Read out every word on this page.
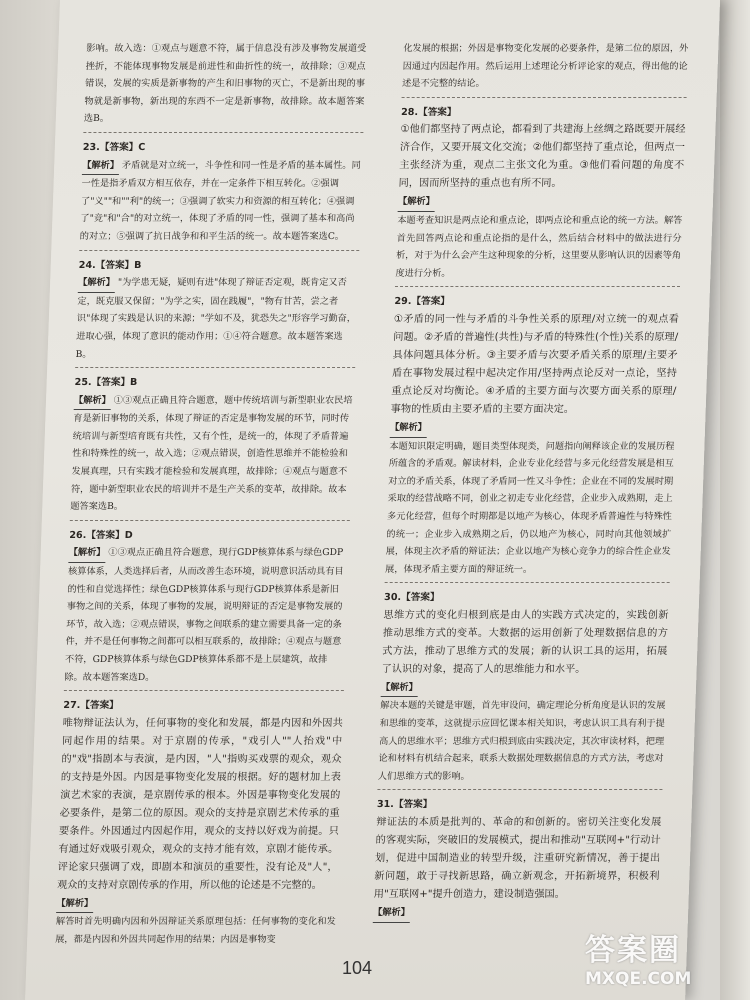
影响。故入选：①观点与题意不符，属于信息没有涉及事物发展道受挫折，不能体现事物发展是前进性和曲折性的统一，故排除；③观点错误，发展的实质是新事物的产生和旧事物的灭亡，不是新出现的事物就是新事物，新出现的东西不一定是新事物，故排除。故本题答案选B。

23.【答案】C
【解析】 矛盾就是对立统一，斗争性和同一性是矛盾的基本属性。同一性是指矛盾双方相互依存，并在一定条件下相互转化。②强调了"义""和""利"的统一；③强调了软实力和资源的相互转化；④强调了"竞"和"合"的对立统一，体现了矛盾的同一性，强调了基本和高尚的对立；⑤强调了抗日战争和和平生活的统一。故本题答案选C。
24.【答案】B
【解析】 "为学患无疑，疑则有进"体现了辩证否定观，既肯定又否定，既克服又保留；"为学之实，固在践履"，"物有甘苦，尝之者识"体现了实践是认识的来源；"学如不及，犹恐失之"形容学习勤奋，进取心强，体现了意识的能动作用；①④符合题意。故本题答案选B。
25.【答案】B
【解析】 ①③观点正确且符合题意，题中传统培训与新型职业农民培育是新旧事物的关系，体现了辩证的否定是事物发展的环节，同时传统培训与新型培育既有共性，又有个性，是统一的，体现了矛盾普遍性和特殊性的统一，故入选；②观点错误，创造性思维并不能检验和发展真理，只有实践才能检验和发展真理，故排除；④观点与题意不符，题中新型职业农民的培训并不是生产关系的变革，故排除。故本题答案选B。
26.【答案】D
【解析】 ①③观点正确且符合题意，现行GDP核算体系与绿色GDP核算体系，人类选择后者，从而改善生态环境，说明意识活动具有目的性和自觉选择性；绿色GDP核算体系与现行GDP核算体系是新旧事物之间的关系，体现了事物的发展，说明辩证的否定是事物发展的环节，故入选；②观点错误，事物之间联系的建立需要具备一定的条件，并不是任何事物之间都可以相互联系的，故排除；④观点与题意不符，GDP核算体系与绿色GDP核算体系都不是上层建筑，故排除。故本题答案选D。
27.【答案】

唯物辩证法认为，任何事物的变化和发展，都是内因和外因共同起作用的结果。对于京剧的传承，"戏引人""人抬戏"中的"戏"指剧本与表演，是内因，"人"指购买戏票的观众，观众的支持是外因。内因是事物变化发展的根据。好的题材加上表演艺术家的表演，是京剧传承的根本。外因是事物变化发展的必要条件，是第二位的原因。观众的支持是京剧艺术传承的重要条件。外因通过内因起作用，观众的支持以好戏为前提。只有通过好戏吸引观众，观众的支持才能有效，京剧才能传承。评论家只强调了戏，即剧本和演员的重要性，没有论及"人"，观众的支持对京剧传承的作用，所以他的论述是不完整的。

【解析】

解答时首先明确内因和外因辩证关系原理包括：任何事物的变化和发展，都是内因和外因共同起作用的结果；内因是事物变

化发展的根据；外因是事物变化发展的必要条件，是第二位的原因，外因通过内因起作用。然后运用上述理论分析评论家的观点，得出他的论述是不完整的结论。

28.【答案】

①他们都坚持了两点论，都看到了共建海上丝绸之路既要开展经济合作，又要开展文化交流；②他们都坚持了重点论，但两点一主张经济为重，观点二主张文化为重。③他们看问题的角度不同，因而所坚持的重点也有所不同。

【解析】

本题考查知识是两点论和重点论，即两点论和重点论的统一方法。解答首先回答两点论和重点论指的是什么，然后结合材料中的做法进行分析，对于为什么会产生这种现象的分析，这里要从影响认识的因素等角度进行分析。

29.【答案】

①矛盾的同一性与矛盾的斗争性关系的原理/对立统一的观点看问题。②矛盾的普遍性(共性)与矛盾的特殊性(个性)关系的原理/具体问题具体分析。③主要矛盾与次要矛盾关系的原理/主要矛盾在事物发展过程中起决定作用/坚持两点论反对一点论，坚持重点论反对均衡论。④矛盾的主要方面与次要方面关系的原理/事物的性质由主要矛盾的主要方面决定。

【解析】

本题知识限定明确，题目类型体现类，问题指向阐释该企业的发展历程所蕴含的矛盾观。解读材料，企业专业化经营与多元化经营发展是相互对立的矛盾关系，体现了矛盾同一性又斗争性；企业在不同的发展时期采取的经营战略不同，创业之初走专业化经营，企业步入成熟期，走上多元化经营，但每个时期都是以地产为核心，体现矛盾普遍性与特殊性的统一；企业步入成熟期之后，仍以地产为核心，同时向其他领域扩展，体现主次矛盾的辩证法；企业以地产为核心竞争力的综合性企业发展，体现矛盾主要方面的辩证统一。

30.【答案】

思维方式的变化归根到底是由人的实践方式决定的，实践创新推动思维方式的变革。大数据的运用创新了处理数据信息的方式方法，推动了思维方式的发展；新的认识工具的运用，拓展了认识的对象，提高了人的思维能力和水平。

【解析】

解决本题的关键是审题，首先审设问，确定理论分析角度是认识的发展和思维的变革，这就提示应回忆课本相关知识，考虑认识工具有利于提高人的思维水平；思维方式归根到底由实践决定，其次审读材料，把理论和材料有机结合起来，联系大数据处理数据信息的方式方法，考虑对人们思维方式的影响。

31.【答案】

辩证法的本质是批判的、革命的和创新的。密切关注变化发展的客观实际，突破旧的发展模式，提出和推动"互联网+"行动计划，促进中国制造业的转型升级，注重研究新情况，善于提出新问题，敢于寻找新思路，确立新观念，开拓新境界，积极利用"互联网+"提升创造力，建设制造强国。

【解析】
104	答案圈
MXQE.COM
